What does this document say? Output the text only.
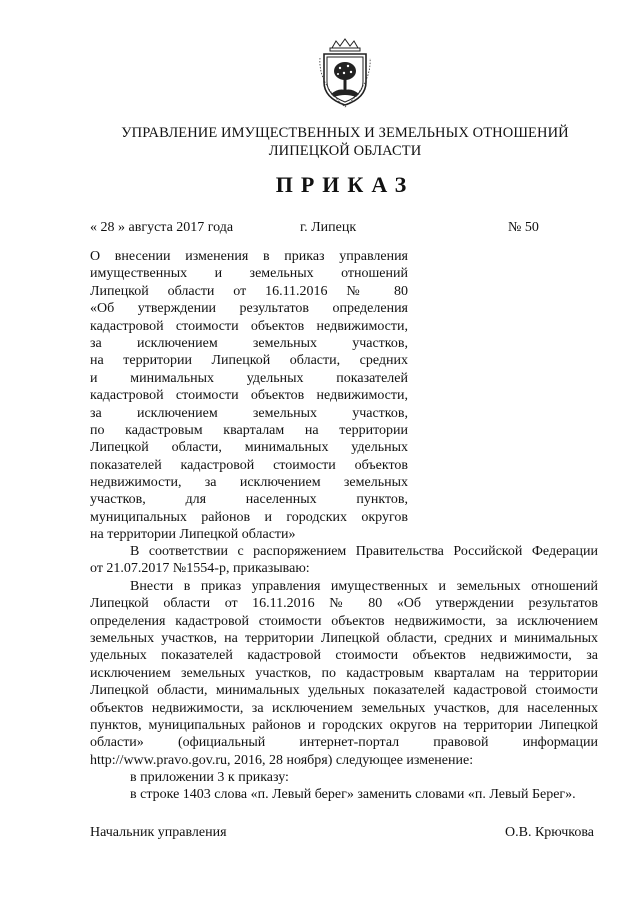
УПРАВЛЕНИЕ ИМУЩЕСТВЕННЫХ И ЗЕМЕЛЬНЫХ ОТНОШЕНИЙ
ЛИПЕЦКОЙ ОБЛАСТИ
ПРИКАЗ
« 28 » августа 2017 года	г. Липецк	№ 50
О внесении изменения в приказ управления
имущественных и земельных отношений
Липецкой области от 16.11.2016 № 80
«Об утверждении результатов определения
кадастровой стоимости объектов недвижимости,
за исключением земельных участков,
на территории Липецкой области, средних
и минимальных удельных показателей
кадастровой стоимости объектов недвижимости,
за исключением земельных участков,
по кадастровым кварталам на территории
Липецкой области, минимальных удельных
показателей кадастровой стоимости объектов
недвижимости, за исключением земельных
участков, для населенных пунктов,
муниципальных районов и городских округов
на территории Липецкой области»
В соответствии с распоряжением Правительства Российской Федерации
от 21.07.2017 №1554-р, приказываю:
Внести в приказ управления имущественных и земельных отношений
Липецкой области от 16.11.2016 № 80 «Об утверждении результатов
определения кадастровой стоимости объектов недвижимости, за исключением
земельных участков, на территории Липецкой области, средних и минимальных
удельных показателей кадастровой стоимости объектов недвижимости, за
исключением земельных участков, по кадастровым кварталам на территории
Липецкой области, минимальных удельных показателей кадастровой стоимости
объектов недвижимости, за исключением земельных участков, для населенных
пунктов, муниципальных районов и городских округов на территории Липецкой
области» (официальный интернет-портал правовой информации
http://www.pravo.gov.ru, 2016, 28 ноября) следующее изменение:
в приложении 3 к приказу:
в строке 1403 слова «п. Левый берег» заменить словами «п. Левый Берег».
Начальник управления	О.В. Крючкова
